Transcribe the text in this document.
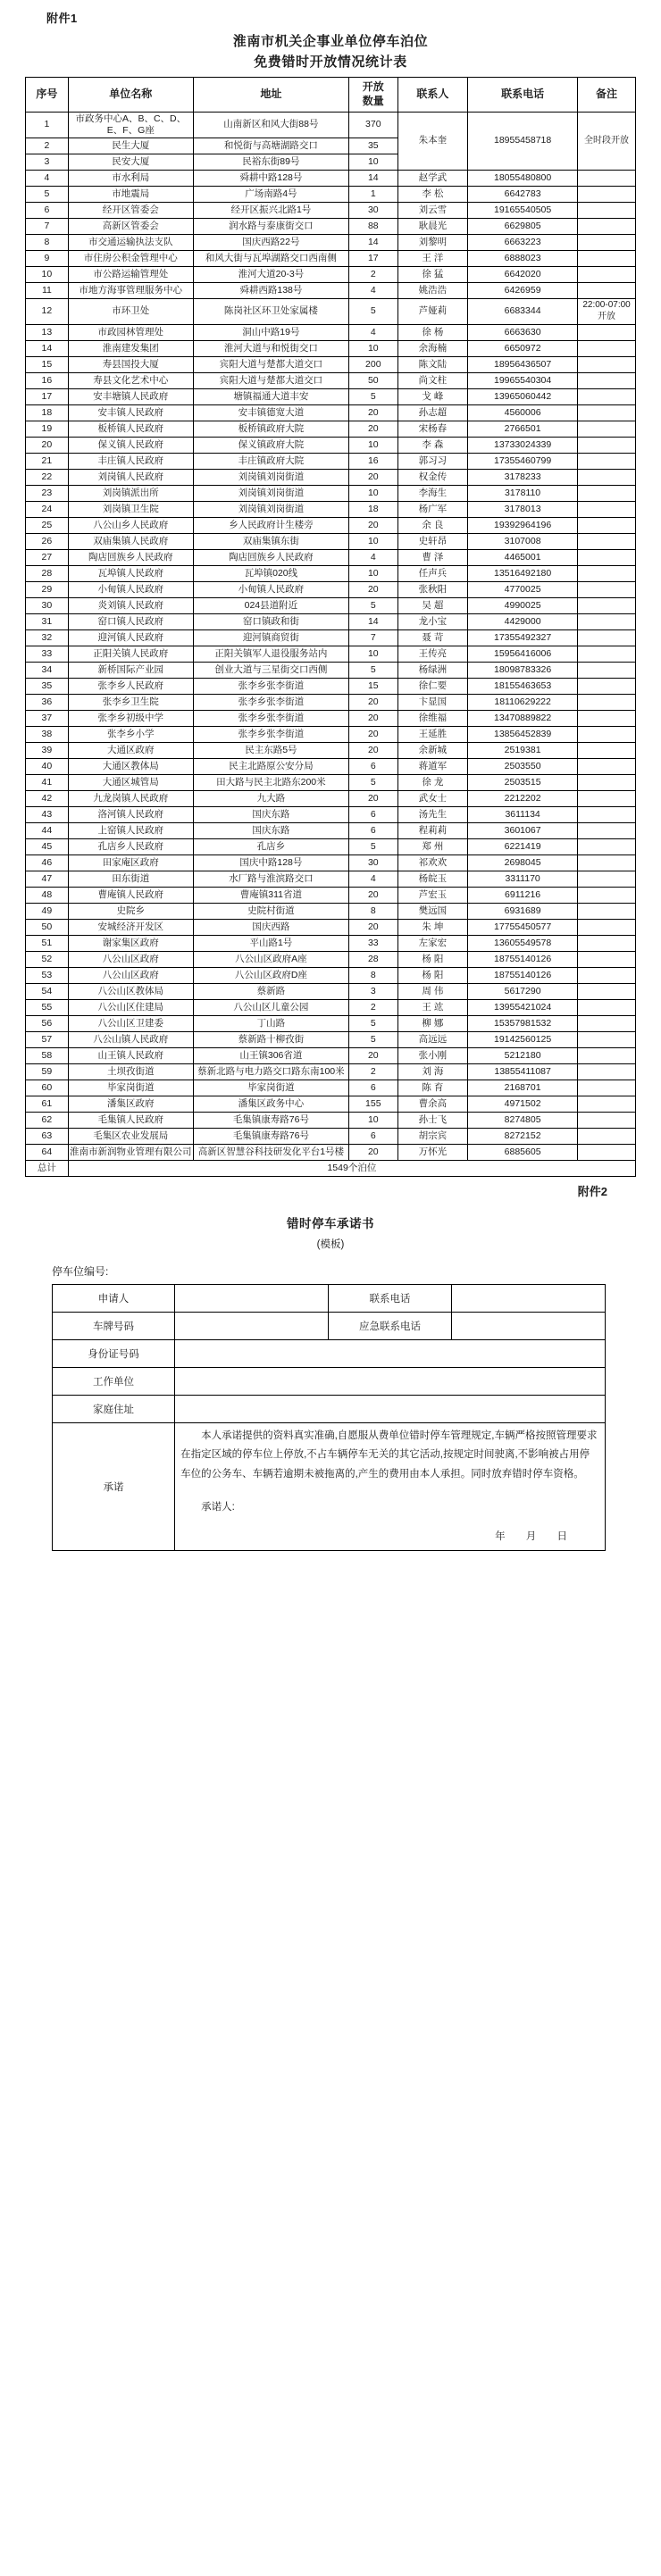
附件1
淮南市机关企事业单位停车泊位
免费错时开放情况统计表
序号	单位名称	地址	开放
数量	联系人	联系电话	备注
1	市政务中心A、B、C、D、E、F、G座	山南新区和风大街88号	370	朱本奎	18955458718	全时段开放
2	民生大厦	和悦街与高塘湖路交口	35			
3	民安大厦	民裕东街89号	10			
4	市水利局	舜耕中路128号	14	赵学武	18055480800	
5	市地震局	广场南路4号	1	李 松	6642783	
6	经开区管委会	经开区振兴北路1号	30	刘云雪	19165540505	
7	高新区管委会	润水路与泰康街交口	88	耿晨光	6629805	
8	市交通运输执法支队	国庆西路22号	14	刘黎明	6663223	
9	市住房公积金管理中心	和风大街与瓦埠湖路交口西南侧	17	王 洋	6888023	
10	市公路运输管理处	淮河大道20-3号	2	徐 猛	6642020	
11	市地方海事管理服务中心	舜耕西路138号	4	姚浩浩	6426959	
12	市环卫处	陈岗社区环卫处家属楼	5	芦娅莉	6683344	22:00-07:00开放
13	市政园林管理处	洞山中路19号	4	徐 杨	6663630	
14	淮南建发集团	淮河大道与和悦街交口	10	余海楠	6650972	
15	寿县国投大厦	宾阳大道与楚都大道交口	200	陈文陆	18956436507	
16	寿县文化艺术中心	宾阳大道与楚都大道交口	50	尚文柱	19965540304	
17	安丰塘镇人民政府	塘镇福通大道丰安	5	戈 峰	13965060442	
18	安丰镇人民政府	安丰镇德宽大道	20	孙志超	4560006	
19	板桥镇人民政府	板桥镇政府大院	20	宋杨春	2766501	
20	保义镇人民政府	保义镇政府大院	10	李 森	13733024339	
21	丰庄镇人民政府	丰庄镇政府大院	16	郭习习	17355460799	
22	刘岗镇人民政府	刘岗镇刘岗街道	20	权金传	3178233	
23	刘岗镇派出所	刘岗镇刘岗街道	10	李海生	3178110	
24	刘岗镇卫生院	刘岗镇刘岗街道	18	杨广军	3178013	
25	八公山乡人民政府	乡人民政府计生楼旁	20	余 良	19392964196	
26	双庙集镇人民政府	双庙集镇东街	10	史轩昂	3107008	
27	陶店回族乡人民政府	陶店回族乡人民政府	4	曹 泽	4465001	
28	瓦埠镇人民政府	瓦埠镇020线	10	任声兵	13516492180	
29	小甸镇人民政府	小甸镇人民政府	20	张秋阳	4770025	
30	炎刘镇人民政府	024县道附近	5	吴 超	4990025	
31	窑口镇人民政府	窑口镇政和街	14	龙小宝	4429000	
32	迎河镇人民政府	迎河镇商贸街	7	聂 苛	17355492327	
33	正阳关镇人民政府	正阳关镇军人退役服务站内	10	王传亮	15956416006	
34	新桥国际产业园	创业大道与三星街交口西侧	5	杨绿洲	18098783326	
35	张李乡人民政府	张李乡张李街道	15	徐仁要	18155463653	
36	张李乡卫生院	张李乡张李街道	20	卞显国	18110629222	
37	张李乡初级中学	张李乡张李街道	20	徐维福	13470889822	
38	张李乡小学	张李乡张李街道	20	王延胜	13856452839	
39	大通区政府	民主东路5号	20	余新城	2519381	
40	大通区教体局	民主北路原公安分局	6	蒋道军	2503550	
41	大通区城管局	田大路与民主北路东200米	5	徐 龙	2503515	
42	九龙岗镇人民政府	九大路	20	武女士	2212202	
43	洛河镇人民政府	国庆东路	6	汤先生	3611134	
44	上窑镇人民政府	国庆东路	6	程莉莉	3601067	
45	孔店乡人民政府	孔店乡	5	郑 州	6221419	
46	田家庵区政府	国庆中路128号	30	祁欢欢	2698045	
47	田东街道	水厂路与淮滨路交口	4	杨皖玉	3311170	
48	曹庵镇人民政府	曹庵镇311省道	20	芦宏玉	6911216	
49	史院乡	史院村街道	8	樊远国	6931689	
50	安城经济开发区	国庆西路	20	朱 坤	17755450577	
51	谢家集区政府	平山路1号	33	左家宏	13605549578	
52	八公山区政府	八公山区政府A座	28	杨 阳	18755140126	
53	八公山区政府	八公山区政府D座	8	杨 阳	18755140126	
54	八公山区教体局	蔡新路	3	周 伟	5617290	
55	八公山区住建局	八公山区儿童公园	2	王 竑	13955421024	
56	八公山区卫建委	丁山路	5	柳 娜	15357981532	
57	八公山镇人民政府	蔡新路十柳孜街	5	高远远	19142560125	
58	山王镇人民政府	山王镇306省道	20	张小刚	5212180	
59	土坝孜街道	蔡新北路与电力路交口路东南100米	2	刘 海	13855411087	
60	毕家岗街道	毕家岗街道	6	陈 育	2168701	
61	潘集区政府	潘集区政务中心	155	曹余高	4971502	
62	毛集镇人民政府	毛集镇康寿路76号	10	孙士飞	8274805	
63	毛集区农业发展局	毛集镇康寿路76号	6	胡宗宾	8272152	
64	淮南市新润物业管理有限公司	高新区智慧谷科技研发化平台1号楼	20	万怀光	6885605	
总计	1549个泊位					
附件2
错时停车承诺书
(模板)
停车位编号:
申请人		联系电话	
车牌号码		应急联系电话	
身份证号码			
工作单位			
家庭住址			
承诺	本人承诺提供的资料真实准确,自愿服从费单位错时停车管理规定,车辆严格按照管理要求在指定区域的停车位上停放,不占车辆停车无关的其它活动,按规定时间驶离,不影响被占用停车位的公务车、车辆若逾期未被拖离的,产生的费用由本人承担。同时放弃错时停车资格。
承诺人:
年 月 日		
